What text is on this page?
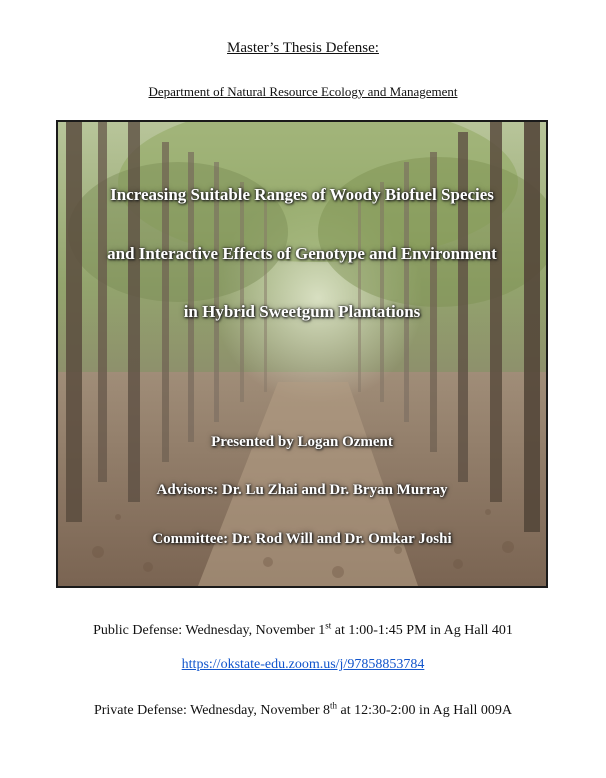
Master’s Thesis Defense:
Department of Natural Resource Ecology and Management
Increasing Suitable Ranges of Woody Biofuel Species
and Interactive Effects of Genotype and Environment
in Hybrid Sweetgum Plantations
Presented by Logan Ozment
Advisors: Dr. Lu Zhai and Dr. Bryan Murray
Committee: Dr. Rod Will and Dr. Omkar Joshi
Public Defense: Wednesday, November 1st at 1:00-1:45 PM in Ag Hall 401
https://okstate-edu.zoom.us/j/97858853784
Private Defense: Wednesday, November 8th at 12:30-2:00 in Ag Hall 009A
